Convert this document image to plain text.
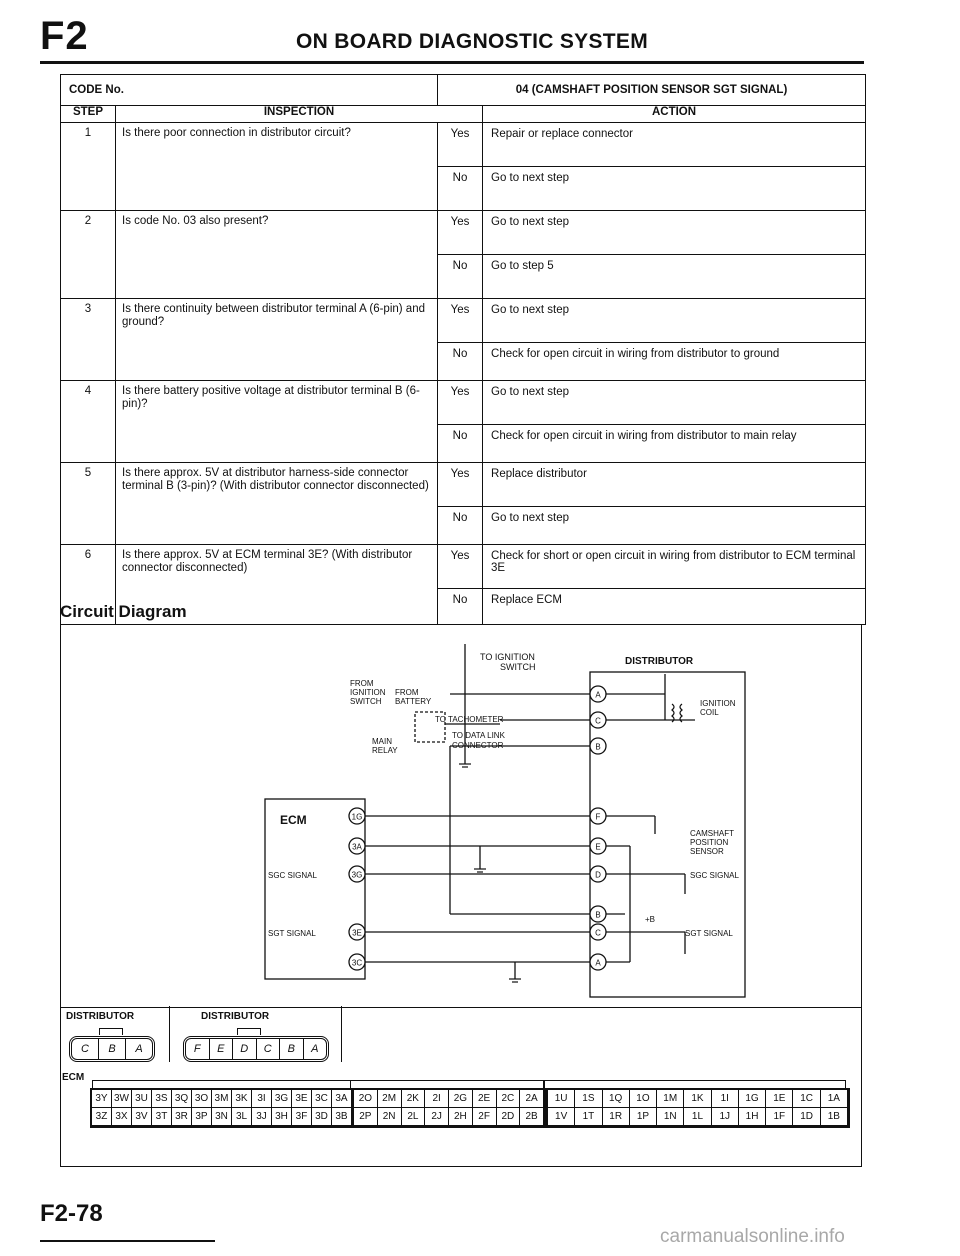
F2	ON BOARD DIAGNOSTIC SYSTEM
CODE No.		04 (CAMSHAFT POSITION SENSOR SGT SIGNAL)	
STEP	INSPECTION		ACTION
1	Is there poor connection in distributor circuit?	Yes	Repair or replace connector
		No	Go to next step
2	Is code No. 03 also present?	Yes	Go to next step
		No	Go to step 5
3	Is there continuity between distributor terminal A (6-pin) and ground?	Yes	Go to next step
		No	Check for open circuit in wiring from distributor to ground
4	Is there battery positive voltage at distributor terminal B (6-pin)?	Yes	Go to next step
		No	Check for open circuit in wiring from distributor to main relay
5	Is there approx. 5V at distributor harness-side connector terminal B (3-pin)? (With distributor connector disconnected)	Yes	Replace distributor
		No	Go to next step
6	Is there approx. 5V at ECM terminal 3E? (With distributor connector disconnected)	Yes	Check for short or open circuit in wiring from distributor to ECM terminal 3E
		No	Replace ECM
Circuit Diagram
1G
3A
3G
3E
3C
A
C
B
F
E
D
B
C
A
TO IGNITION
SWITCH	DISTRIBUTOR
FROM
IGNITION
SWITCH
FROM
BATTERY
TO TACHOMETER
MAIN
RELAY
TO DATA LINK
CONNECTOR
IGNITION
COIL
ECM
SGC SIGNAL
SGT SIGNAL
CAMSHAFT
POSITION
SENSOR
SGC SIGNAL
SGT SIGNAL
+B
DISTRIBUTOR
C	B	A
DISTRIBUTOR
F	E	D	C	B	A
ECM
3Y 3W 3U 3S 3Q 3O 3M 3K 3I 3G 3E 3C 3A
3Z 3X 3V 3T 3R 3P 3N 3L 3J 3H 3F 3D 3B
2O	2M	2K	2I	2G	2E	2C	2A
2P	2N	2L	2J	2H	2F	2D	2B
1U	1S	1Q	1O	1M	1K	1I	1G	1E	1C	1A
1V	1T	1R	1P	1N	1L	1J	1H	1F	1D	1B
F2-78
carmanualsonline.info
